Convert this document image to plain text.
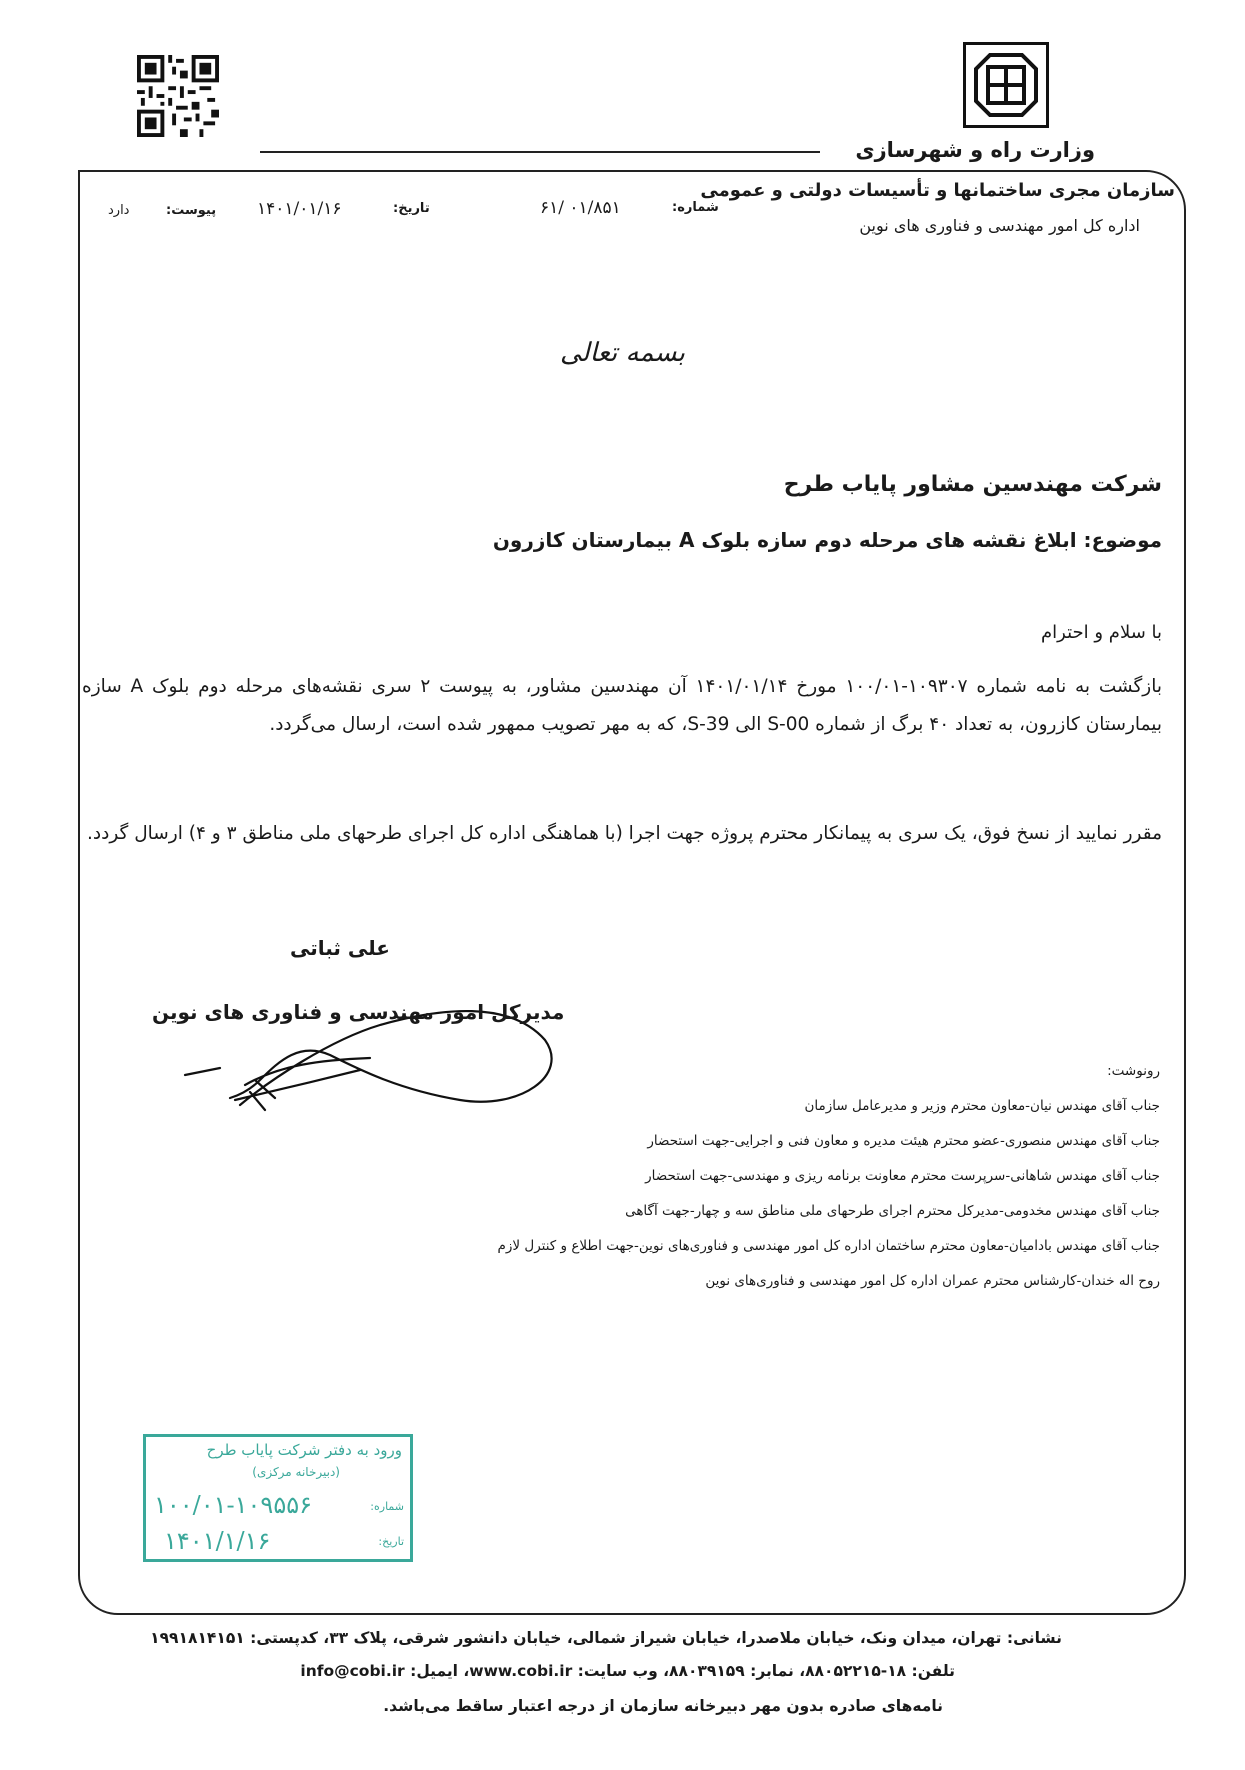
وزارت راه و شهرسازی
سازمان مجری ساختمانها و تأسیسات دولتی و عمومی
اداره کل امور مهندسی و فناوری های نوین
شماره:
۶۱/ ۰۱/۸۵۱
تاریخ:
۱۴۰۱/۰۱/۱۶
پیوست:
دارد
بسمه تعالی
شرکت مهندسین مشاور پایاب طرح
موضوع: ابلاغ نقشه های مرحله دوم سازه بلوک A بیمارستان کازرون
با سلام و احترام
بازگشت به نامه شماره ۱۰۹۳۰۷-۱۰۰/۰۱ مورخ ۱۴۰۱/۰۱/۱۴ آن مهندسین مشاور، به پیوست ۲ سری نقشه‌های مرحله دوم بلوک A سازه بیمارستان کازرون، به تعداد ۴۰ برگ از شماره S-00 الی S-39، که به مهر تصویب ممهور شده است، ارسال می‌گردد.
مقرر نمایید از نسخ فوق، یک سری به پیمانکار محترم پروژه جهت اجرا (با هماهنگی اداره کل اجرای طرحهای ملی مناطق ۳ و ۴) ارسال گردد.
علی ثباتی
مدیرکل امور مهندسی و فناوری های نوین
رونوشت:
جناب آقای مهندس نیان-معاون محترم وزیر و مدیرعامل سازمان
جناب آقای مهندس منصوری-عضو محترم هیئت مدیره و معاون فنی و اجرایی-جهت استحضار
جناب آقای مهندس شاهانی-سرپرست محترم معاونت برنامه ریزی و مهندسی-جهت استحضار
جناب آقای مهندس مخدومی-مدیرکل محترم اجرای طرحهای ملی مناطق سه و چهار-جهت آگاهی
جناب آقای مهندس بادامیان-معاون محترم ساختمان اداره کل امور مهندسی و فناوری‌های نوین-جهت اطلاع و کنترل لازم
روح اله خندان-کارشناس محترم عمران اداره کل امور مهندسی و فناوری‌های نوین
ورود به دفتر شرکت پایاب طرح
(دبیرخانه مرکزی)
شماره:
۱۰۰/۰۱-۱۰۹۵۵۶
تاریخ:
۱۴۰۱/۱/۱۶
نشانی: تهران، میدان ونک، خیابان ملاصدرا، خیابان شیراز شمالی، خیابان دانشور شرقی، پلاک ۳۳، کدپستی: ۱۹۹۱۸۱۴۱۵۱
تلفن: ۱۸-۸۸۰۵۲۲۱۵، نمابر: ۸۸۰۳۹۱۵۹، وب سایت: www.cobi.ir، ایمیل: info@cobi.ir
نامه‌های صادره بدون مهر دبیرخانه سازمان از درجه اعتبار ساقط می‌باشد.
